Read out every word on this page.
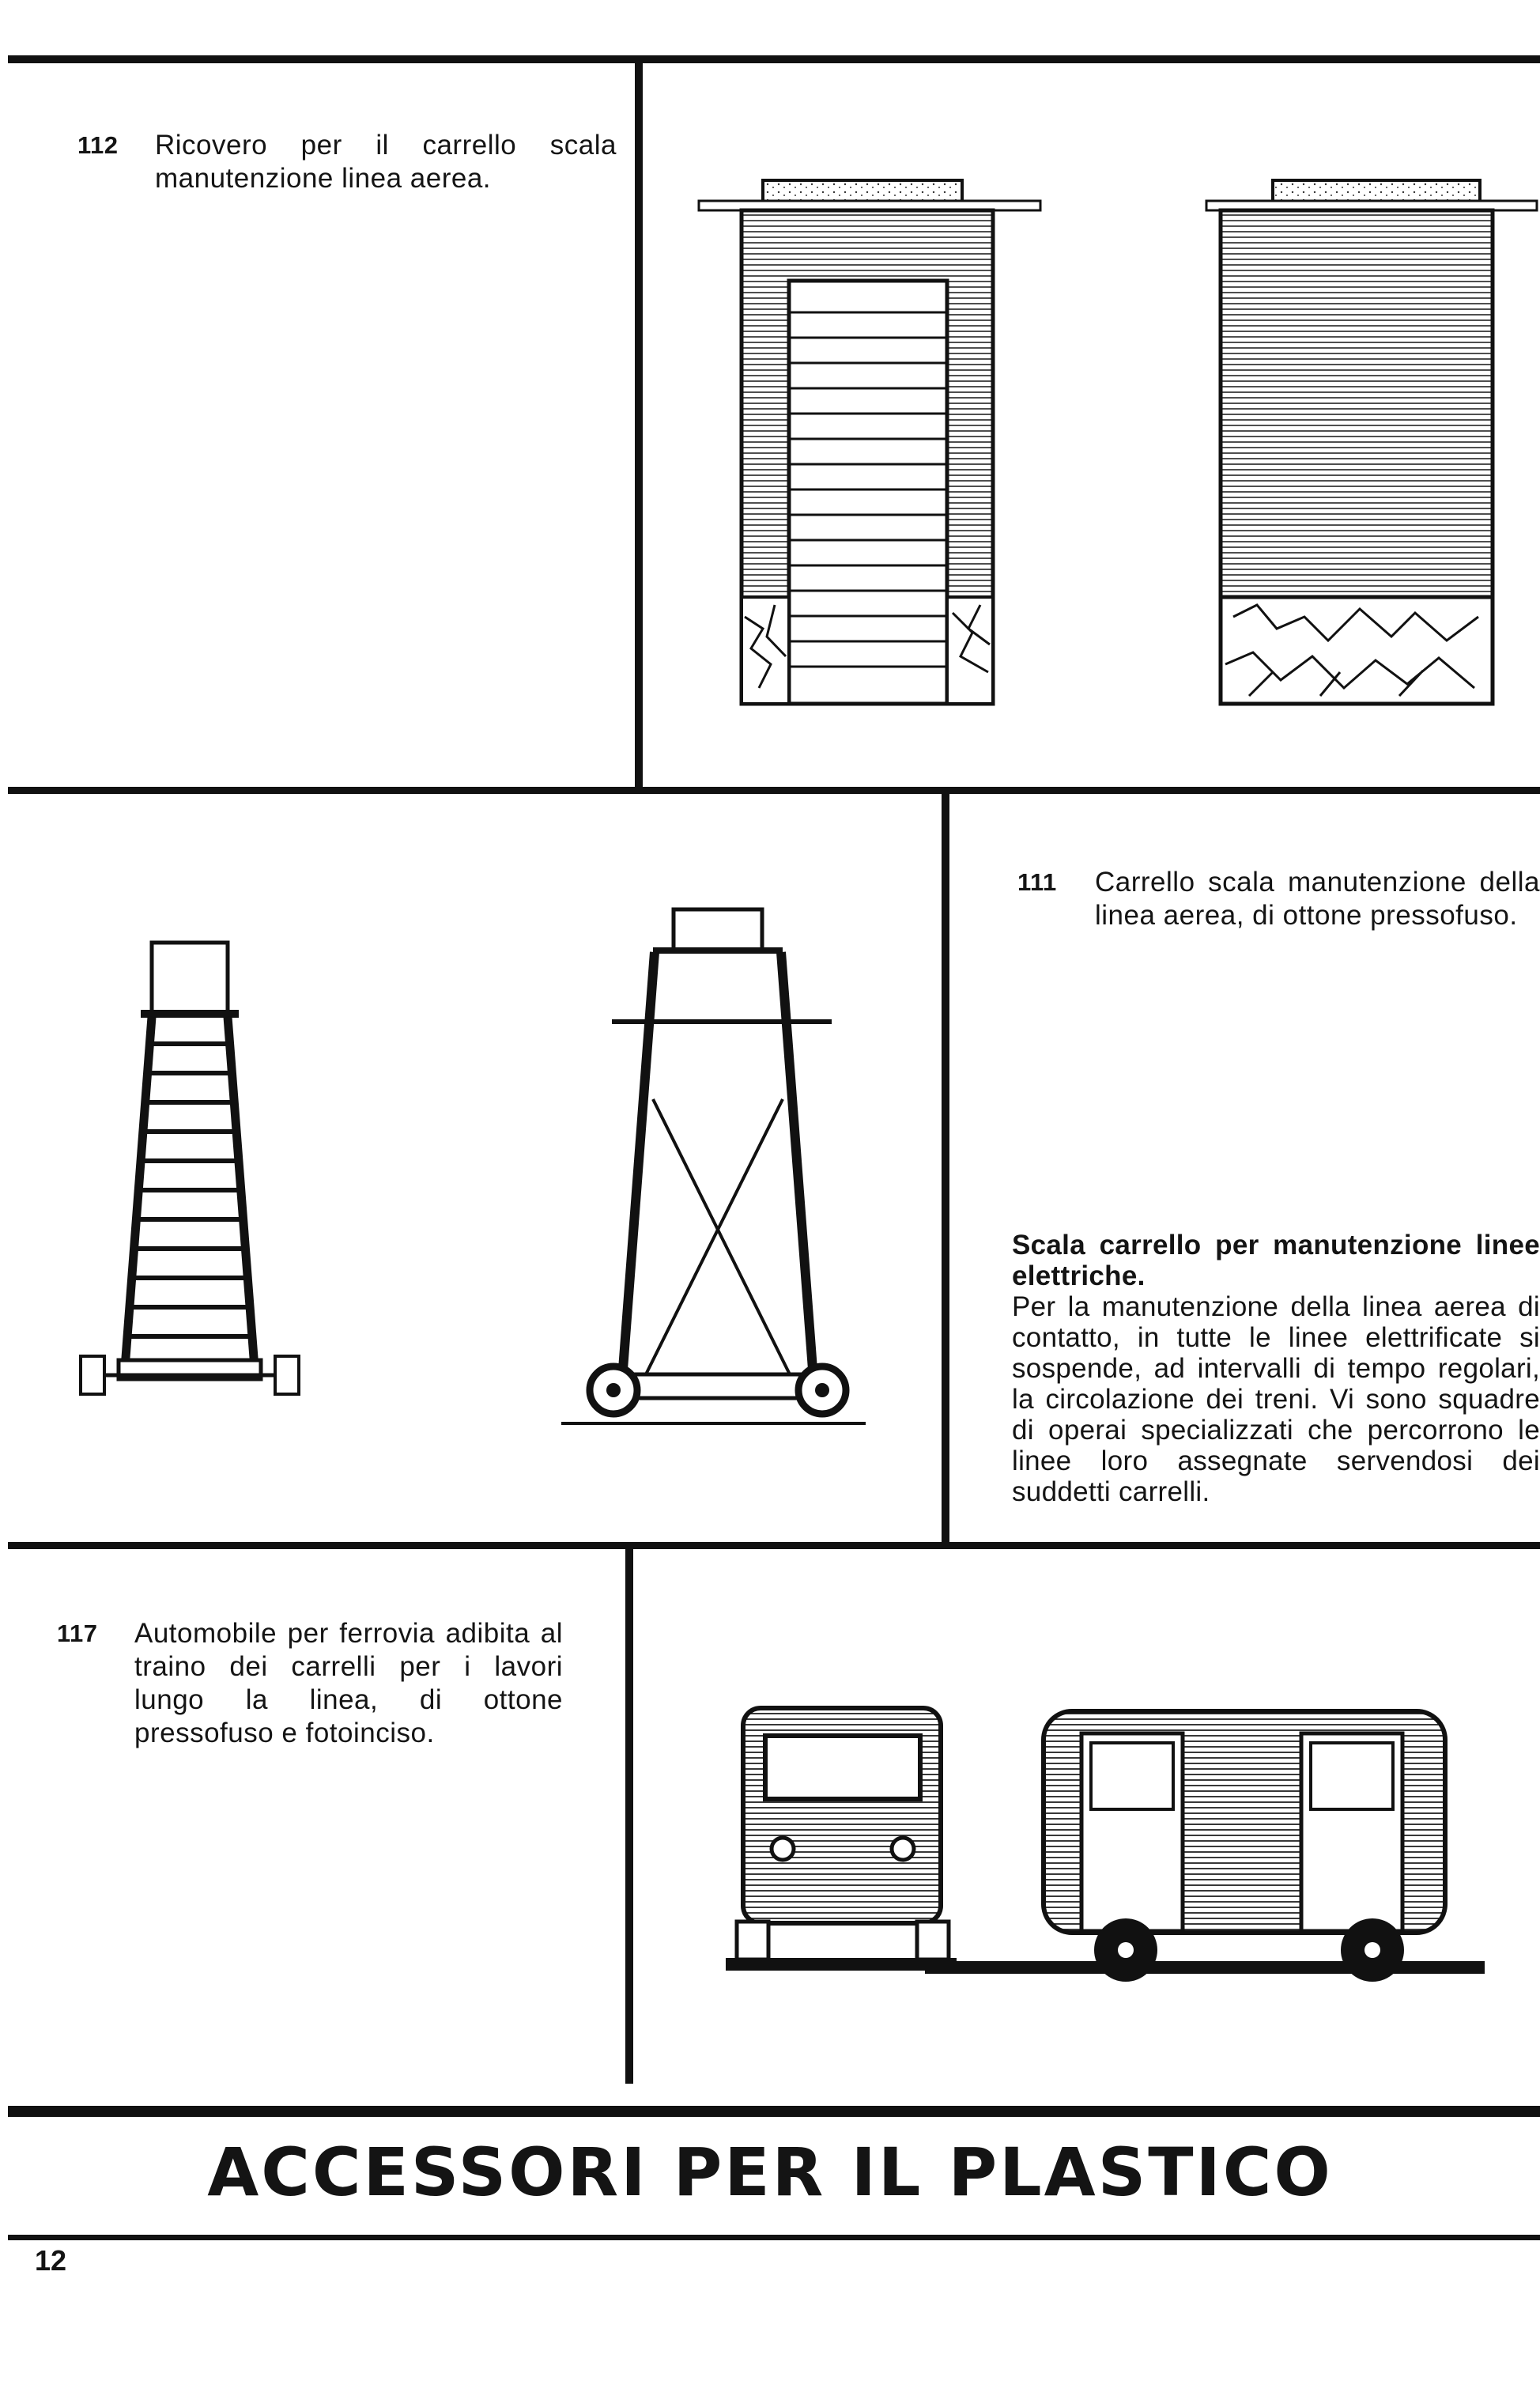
112 Ricovero per il carrello scala manutenzione linea aerea.
111 Carrello scala manutenzione della linea aerea, di ottone pressofuso.
Scala carrello per manutenzione linee elettriche.
Per la manutenzione della linea aerea di contatto, in tutte le linee elettrificate si sospende, ad intervalli di tempo regolari, la circolazione dei treni. Vi sono squadre di operai specializzati che percorrono le linee loro assegnate servendosi dei suddetti carrelli.
117 Automobile per ferrovia adibita al traino dei carrelli per i lavori lungo la linea, di ottone pressofuso e fotoinciso.
ACCESSORI PER IL PLASTICO
12
